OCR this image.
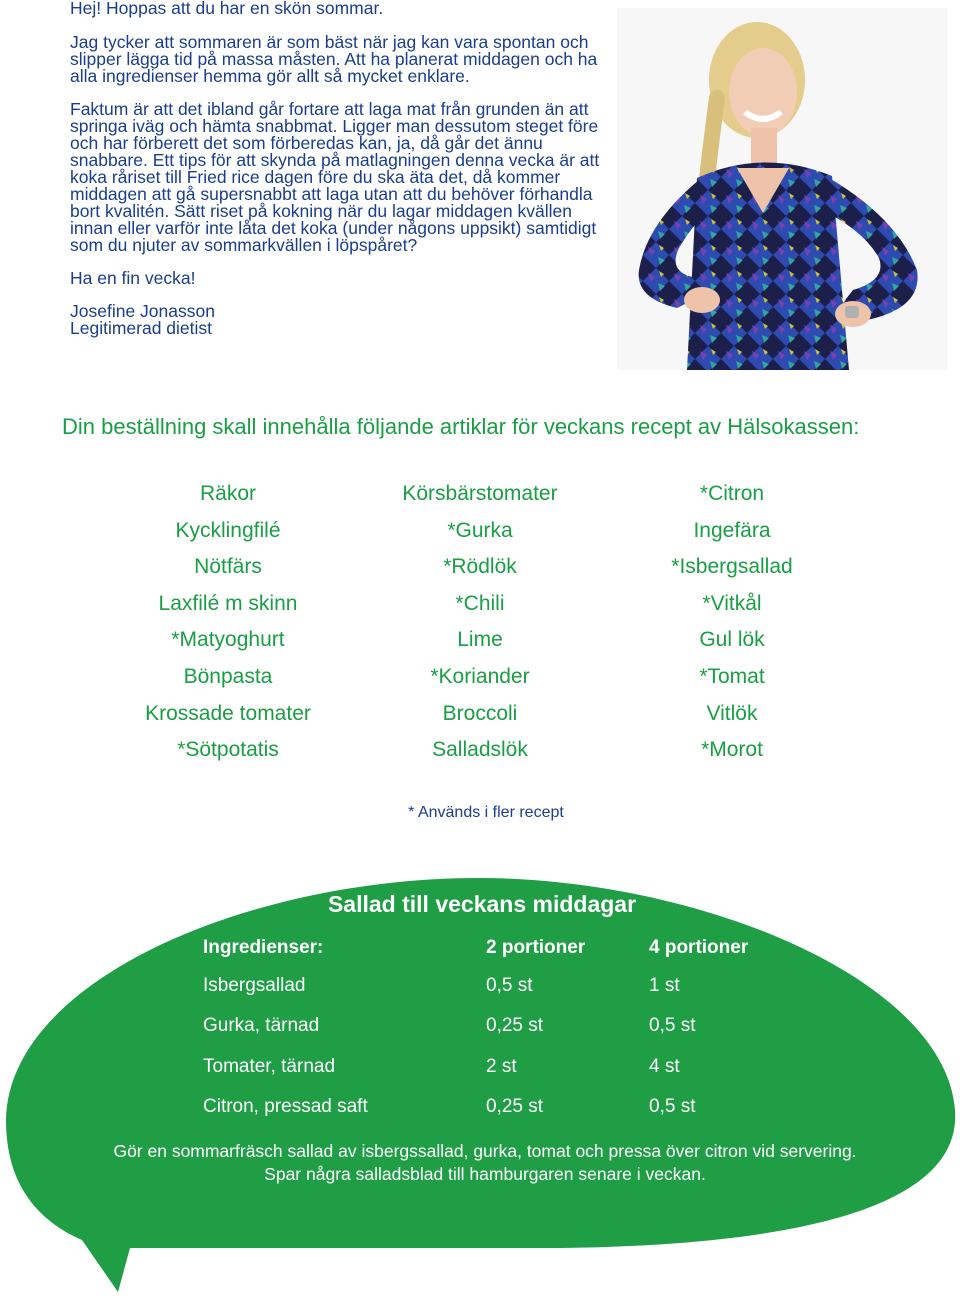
Hej! Hoppas att du har en skön sommar.

Jag tycker att sommaren är som bäst när jag kan vara spontan och slipper lägga tid på massa måsten. Att ha planerat middagen och ha alla ingredienser hemma gör allt så mycket enklare.

Faktum är att det ibland går fortare att laga mat från grunden än att springa iväg och hämta snabbmat. Ligger man dessutom steget före och har förberett det som förberedas kan, ja, då går det ännu snabbare. Ett tips för att skynda på matlagningen denna vecka är att koka råriset till Fried rice dagen före du ska äta det, då kommer middagen att gå supersnabbt att laga utan att du behöver förhandla bort kvalitén. Sätt riset på kokning när du lagar middagen kvällen innan eller varför inte låta det koka (under någons uppsikt) samtidigt som du njuter av sommarkvällen i löpspåret?

Ha en fin vecka!

Josefine Jonasson
Legitimerad dietist

Din beställning skall innehålla följande artiklar för veckans recept av Hälsokassen:
Räkor	Körsbärstomater	*Citron
Kycklingfilé	*Gurka	Ingefära
Nötfärs	*Rödlök	*Isbergsallad
Laxfilé m skinn	*Chili	*Vitkål
*Matyoghurt	Lime	Gul lök
Bönpasta	*Koriander	*Tomat
Krossade tomater	Broccoli	Vitlök
*Sötpotatis	Salladslök	*Morot
* Används i fler recept
Sallad till veckans middagar
Ingredienser:	2 portioner	4 portioner
Isbergsallad	0,5 st	1 st
Gurka, tärnad	0,25 st	0,5 st
Tomater, tärnad	2 st	4 st
Citron, pressad saft	0,25 st	0,5 st
Gör en sommarfräsch sallad av isbergssallad, gurka, tomat och pressa över citron vid servering.
Spar några salladsblad till hamburgaren senare i veckan.
